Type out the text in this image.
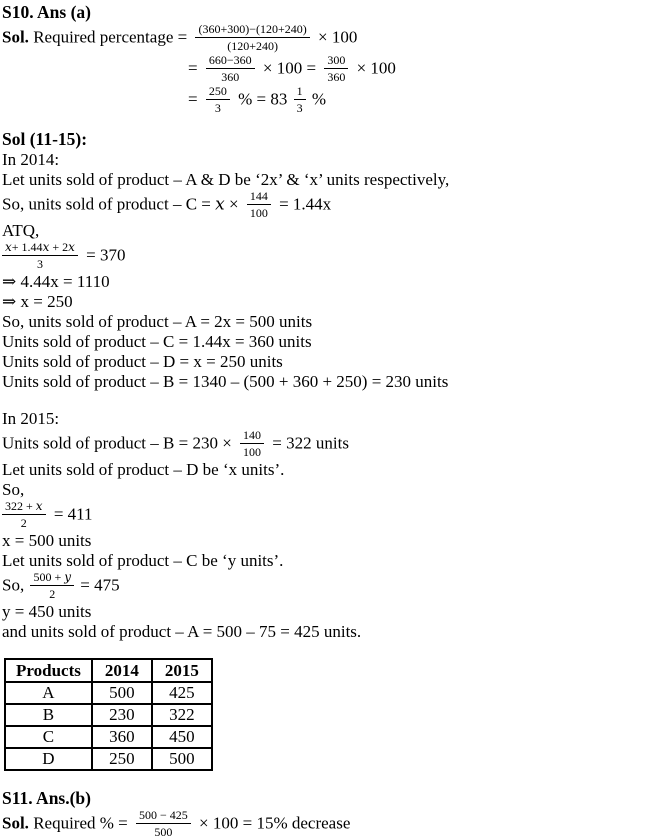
S10. Ans (a)
Sol. Required percentage = $\frac{(360+300)-(120+240)}{(120+240)} \times 100$
= $\frac{660-360}{360} \times 100 = \frac{300}{360} \times 100$
= $\frac{250}{3}$ % = $83 \frac{1}{3}$ %
Sol (11-15):
In 2014:
Let units sold of product – A & D be ‘2x’ & ‘x’ units respectively,
So, units sold of product – $C = x \times \frac{144}{100} = 1.44x$
ATQ,
$\frac{x+ 1.44x + 2x}{3} = 370$
⇒ 4.44x = 1110
⇒ x = 250
So, units sold of product – A = 2x = 500 units
Units sold of product – C = 1.44x = 360 units
Units sold of product – D = x = 250 units
Units sold of product – B = 1340 – (500 + 360 + 250) = 230 units
In 2015:
Units sold of product – $B = 230 \times \frac{140}{100} = 322$ units
Let units sold of product – D be ‘x units’.
So,
$\frac{322 + x}{2} = 411$
x = 500 units
Let units sold of product – C be ‘y units’.
So, $\frac{500 + y}{2} = 475$
y = 450 units
and units sold of product – A = 500 – 75 = 425 units.
Products	2014	2015
A	500	425
B	230	322
C	360	450
D	250	500
S11. Ans.(b)
Sol. Required % = $\frac{500 - 425}{500} \times 100 = 15\%$ decrease
